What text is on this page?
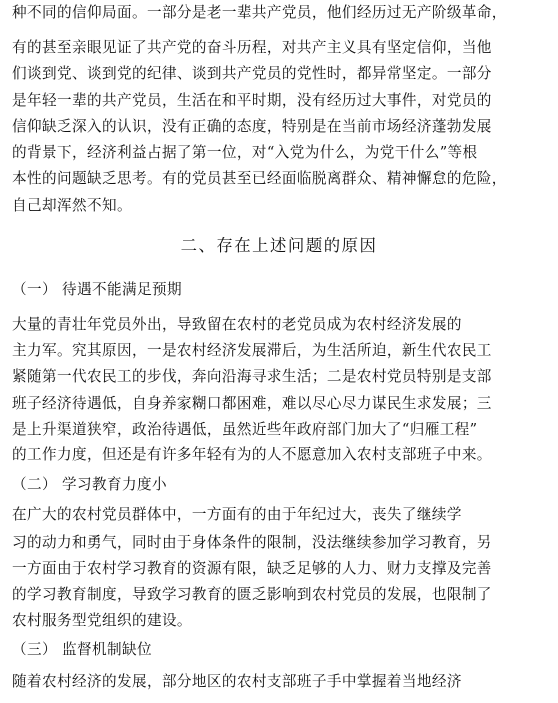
种不同的信仰局面。一部分是老一辈共产党员，他们经历过无产阶级革命，
有的甚至亲眼见证了共产党的奋斗历程，对共产主义具有坚定信仰，当他
们谈到党、谈到党的纪律、谈到共产党员的党性时，都异常坚定。一部分
是年轻一辈的共产党员，生活在和平时期，没有经历过大事件，对党员的
信仰缺乏深入的认识，没有正确的态度，特别是在当前市场经济蓬勃发展
的背景下，经济利益占据了第一位，对“入党为什么，为党干什么”等根
本性的问题缺乏思考。有的党员甚至已经面临脱离群众、精神懈怠的危险，
自己却浑然不知。
二、存在上述问题的原因
（一） 待遇不能满足预期
大量的青壮年党员外出，导致留在农村的老党员成为农村经济发展的
主力军。究其原因，一是农村经济发展滞后，为生活所迫，新生代农民工
紧随第一代农民工的步伐，奔向沿海寻求生活；二是农村党员特别是支部
班子经济待遇低，自身养家糊口都困难，难以尽心尽力谋民生求发展；三
是上升渠道狭窄，政治待遇低，虽然近些年政府部门加大了“归雁工程”
的工作力度，但还是有许多年轻有为的人不愿意加入农村支部班子中来。
（二） 学习教育力度小
在广大的农村党员群体中，一方面有的由于年纪过大，丧失了继续学
习的动力和勇气，同时由于身体条件的限制，没法继续参加学习教育，另
一方面由于农村学习教育的资源有限，缺乏足够的人力、财力支撑及完善
的学习教育制度，导致学习教育的匮乏影响到农村党员的发展，也限制了
农村服务型党组织的建设。
（三） 监督机制缺位
随着农村经济的发展，部分地区的农村支部班子手中掌握着当地经济
